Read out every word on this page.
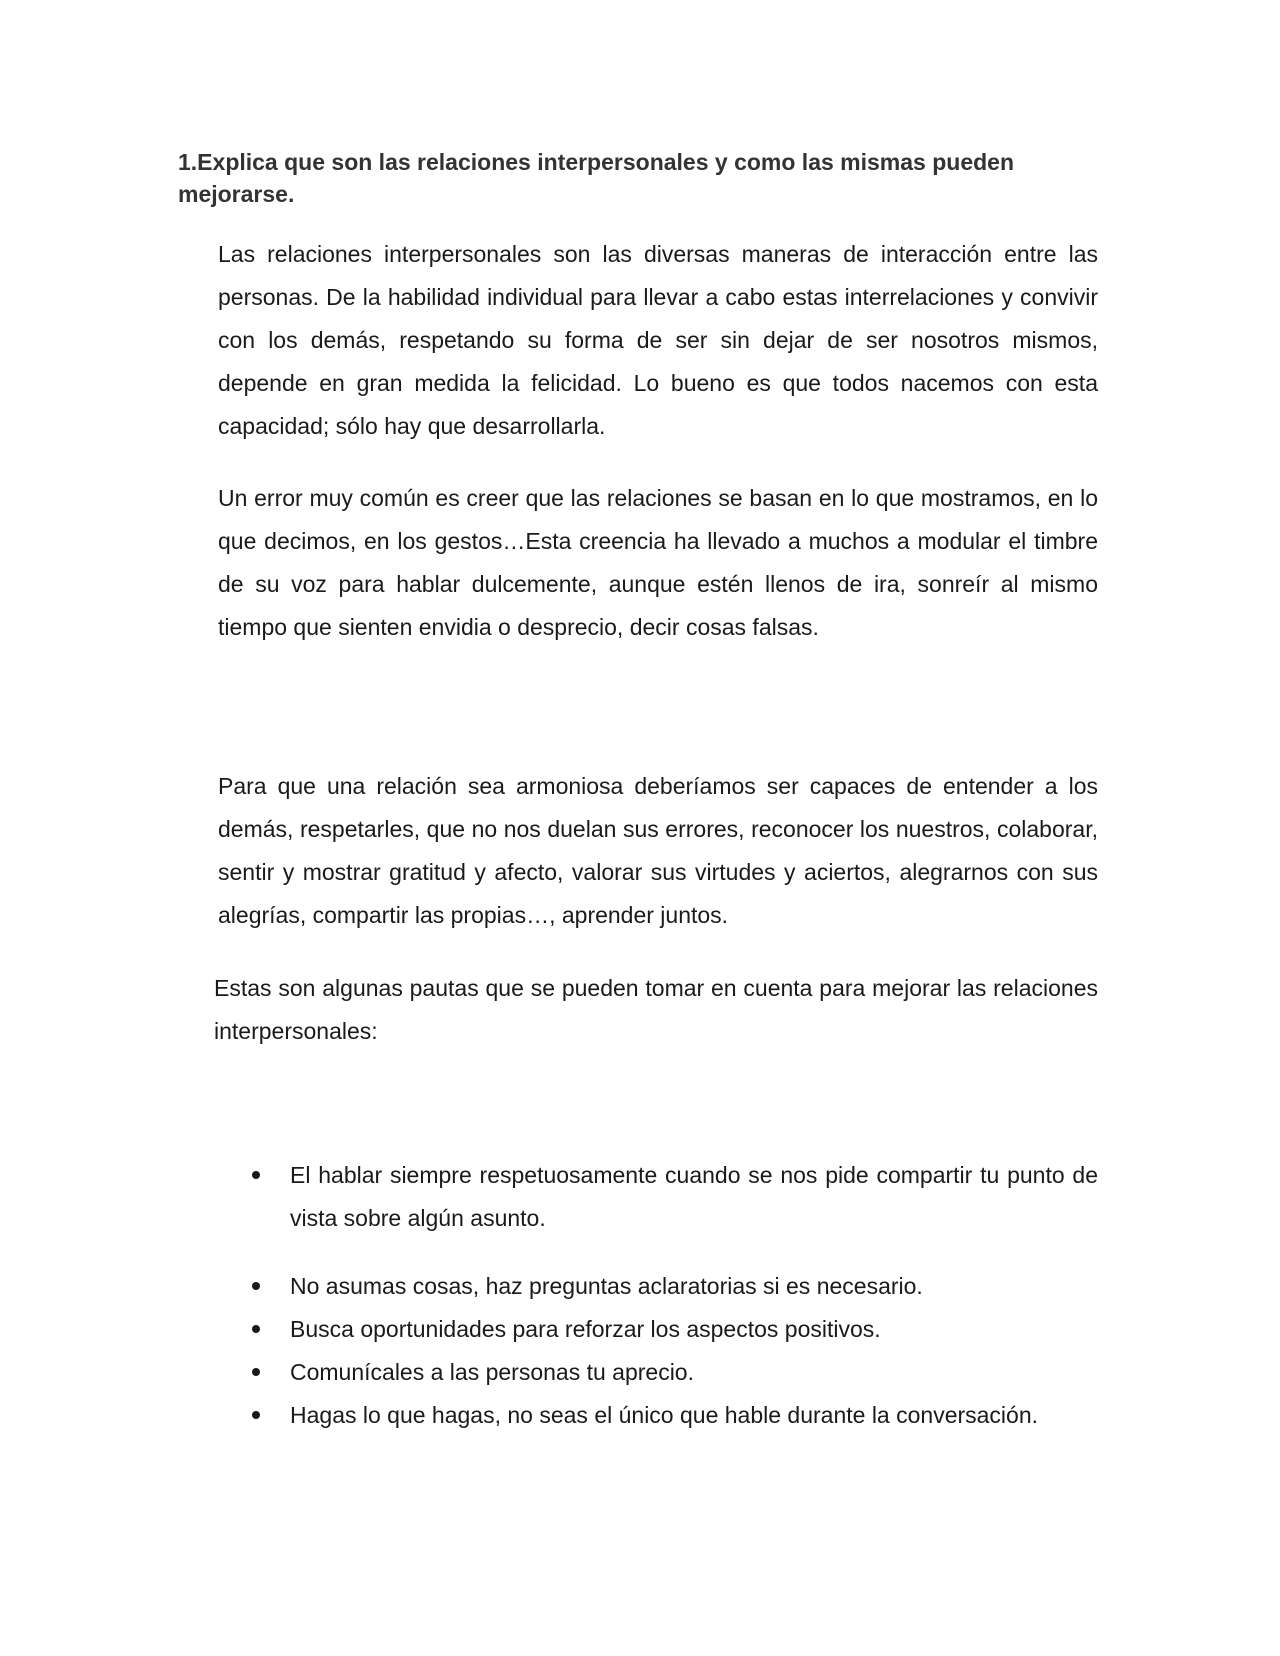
1.Explica que son las relaciones interpersonales y como las mismas pueden mejorarse.

Las relaciones interpersonales son las diversas maneras de interacción entre las personas. De la habilidad individual para llevar a cabo estas interrelaciones y convivir con los demás, respetando su forma de ser sin dejar de ser nosotros mismos, depende en gran medida la felicidad. Lo bueno es que todos nacemos con esta capacidad; sólo hay que desarrollarla.

Un error muy común es creer que las relaciones se basan en lo que mostramos, en lo que decimos, en los gestos…Esta creencia ha llevado a muchos a modular el timbre de su voz para hablar dulcemente, aunque estén llenos de ira, sonreír al mismo tiempo que sienten envidia o desprecio, decir cosas falsas.

Para que una relación sea armoniosa deberíamos ser capaces de entender a los demás, respetarles, que no nos duelan sus errores, reconocer los nuestros, colaborar, sentir y mostrar gratitud y afecto, valorar sus virtudes y aciertos, alegrarnos con sus alegrías, compartir las propias…, aprender juntos.

Estas son algunas pautas que se pueden tomar en cuenta para mejorar las relaciones interpersonales:

El hablar siempre respetuosamente cuando se nos pide compartir tu punto de vista sobre algún asunto.
No asumas cosas, haz preguntas aclaratorias si es necesario.
Busca oportunidades para reforzar los aspectos positivos.
Comunícales a las personas tu aprecio.
Hagas lo que hagas, no seas el único que hable durante la conversación.
